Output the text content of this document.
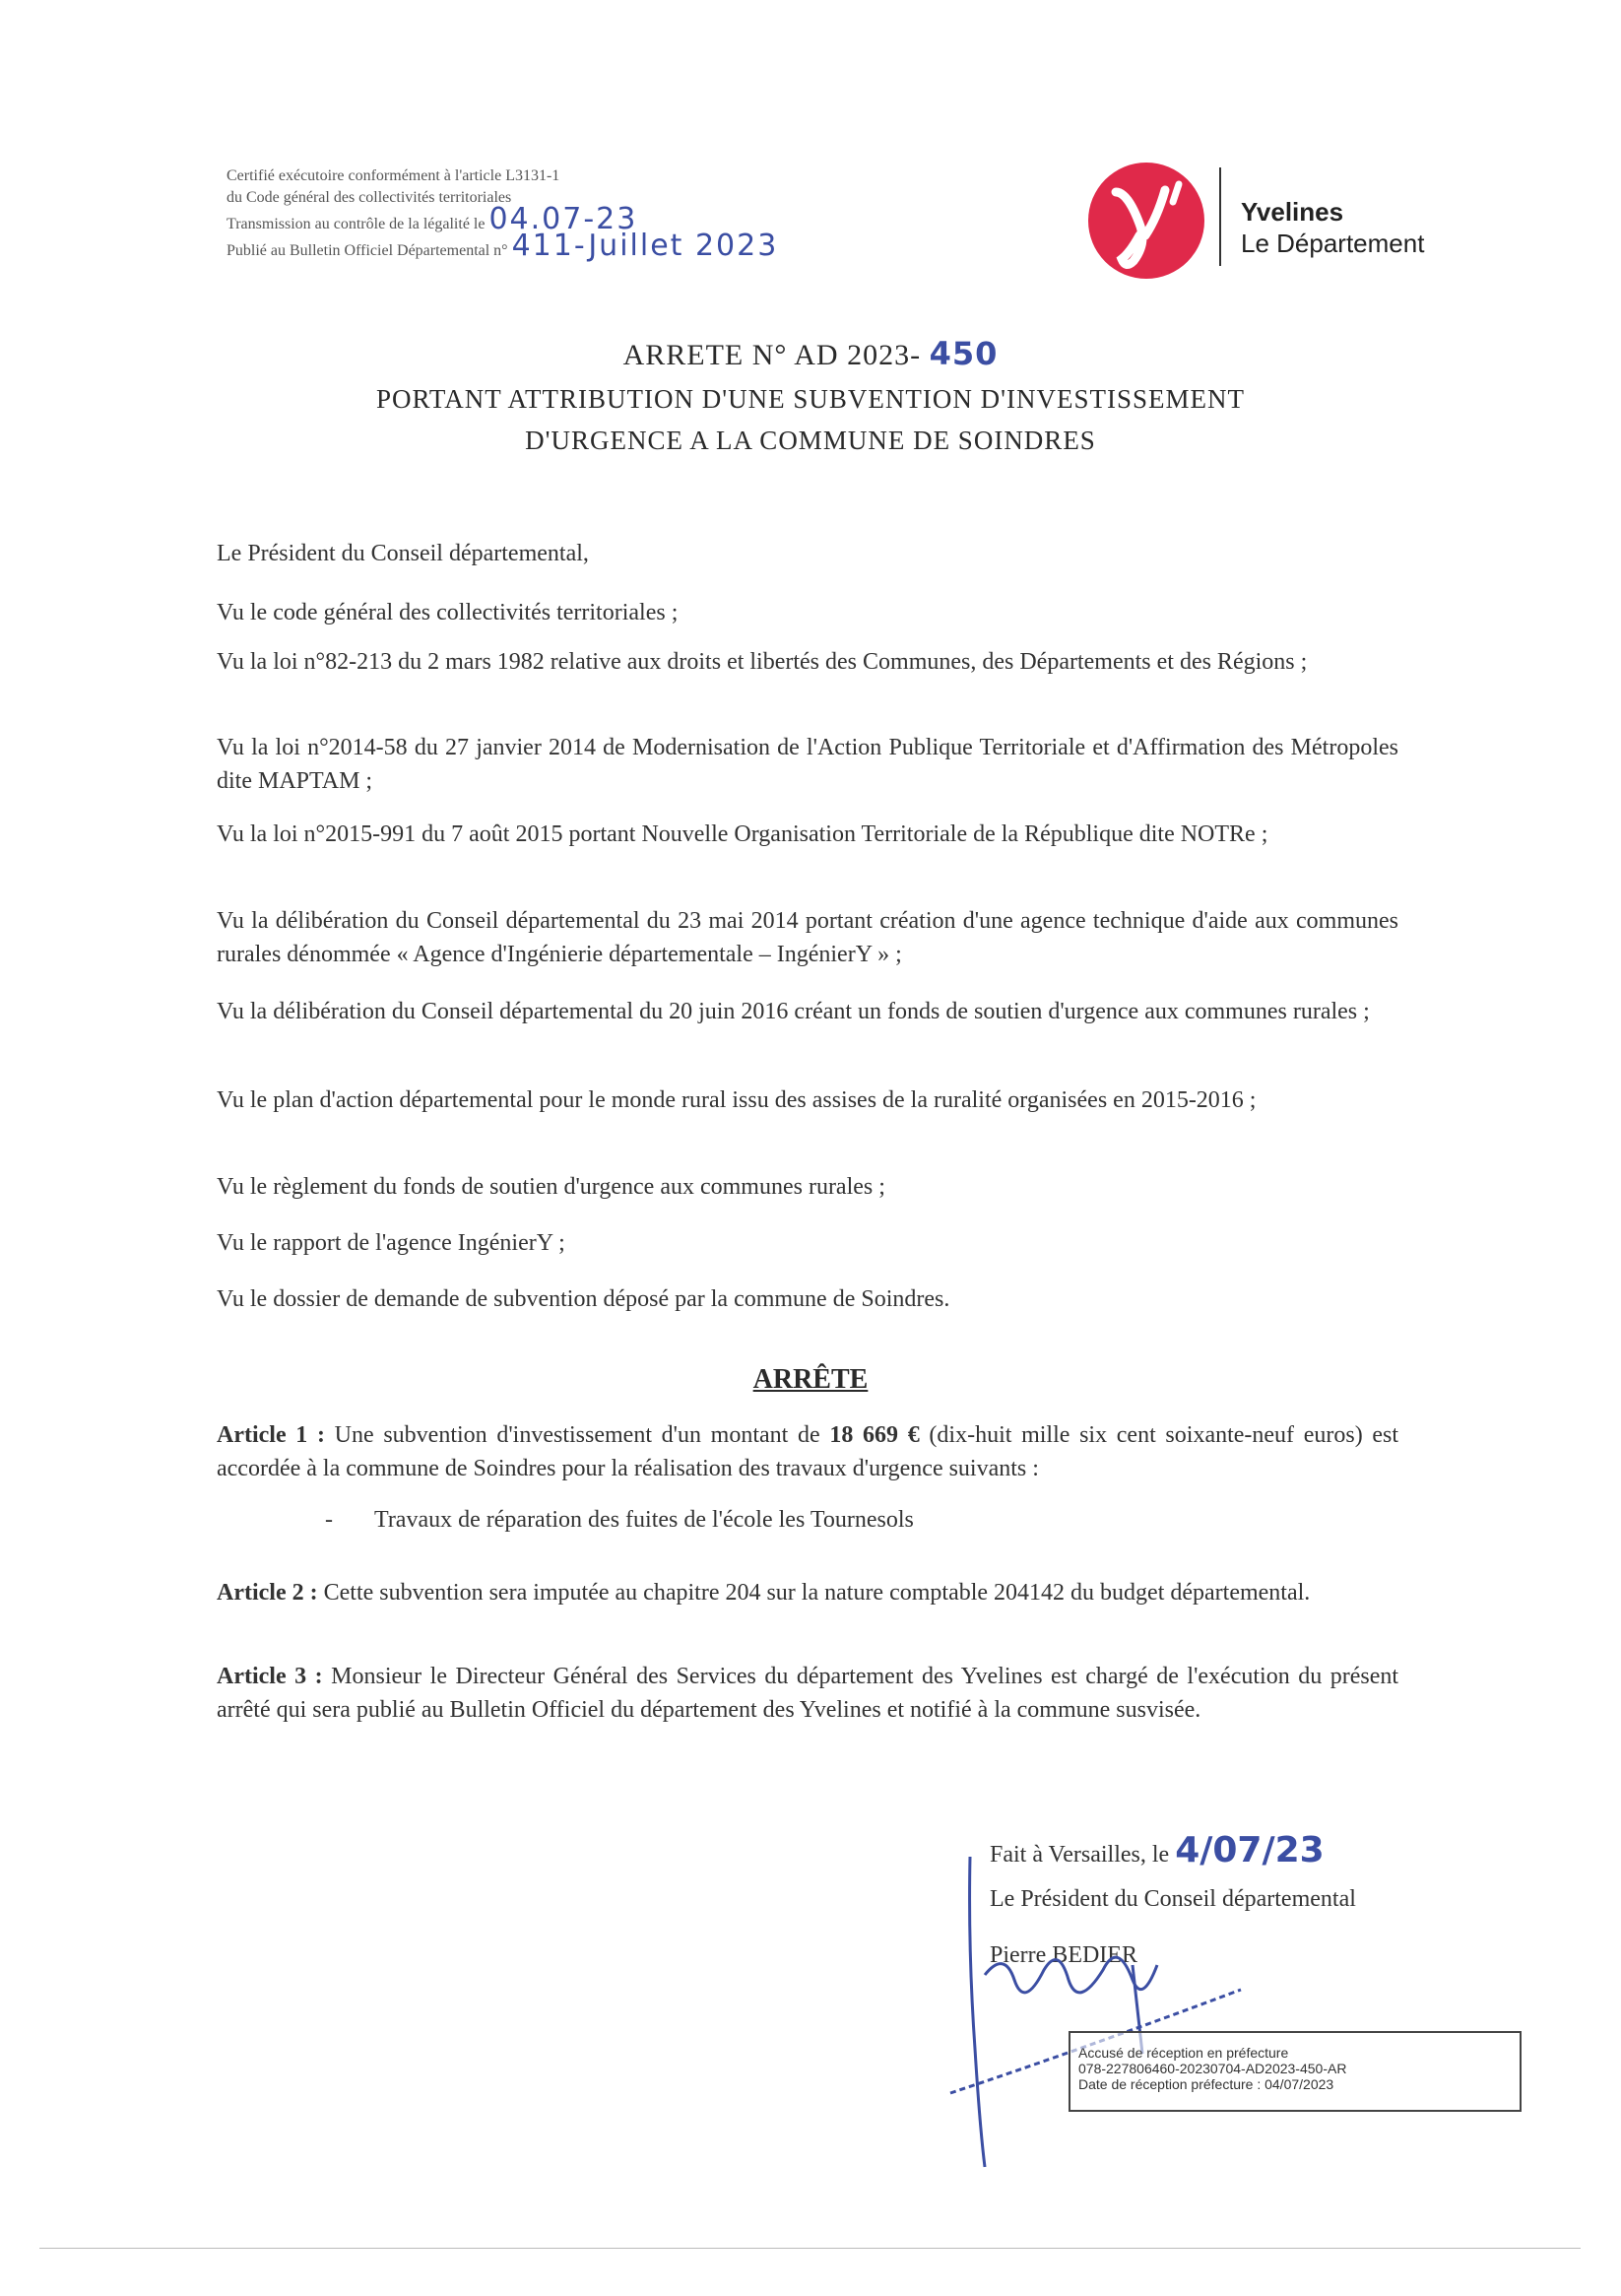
Certifié exécutoire conformément à l'article L3131-1
du Code général des collectivités territoriales
Transmission au contrôle de la légalité le 04.07-23
Publié au Bulletin Officiel Départemental n° 411-Juillet 2023
Yvelines
Le Département
ARRETE N° AD 2023- 450
PORTANT ATTRIBUTION D'UNE SUBVENTION D'INVESTISSEMENT
D'URGENCE A LA COMMUNE DE SOINDRES
Le Président du Conseil départemental,
Vu le code général des collectivités territoriales ;
Vu la loi n°82-213 du 2 mars 1982 relative aux droits et libertés des Communes, des Départements et des Régions ;
Vu la loi n°2014-58 du 27 janvier 2014 de Modernisation de l'Action Publique Territoriale et d'Affirmation des Métropoles dite MAPTAM ;
Vu la loi n°2015-991 du 7 août 2015 portant Nouvelle Organisation Territoriale de la République dite NOTRe ;
Vu la délibération du Conseil départemental du 23 mai 2014 portant création d'une agence technique d'aide aux communes rurales dénommée « Agence d'Ingénierie départementale – IngénierY » ;
Vu la délibération du Conseil départemental du 20 juin 2016 créant un fonds de soutien d'urgence aux communes rurales ;
Vu le plan d'action départemental pour le monde rural issu des assises de la ruralité organisées en 2015-2016 ;
Vu le règlement du fonds de soutien d'urgence aux communes rurales ;
Vu le rapport de l'agence IngénierY ;
Vu le dossier de demande de subvention déposé par la commune de Soindres.
ARRÊTE
Article 1 : Une subvention d'investissement d'un montant de 18 669 € (dix-huit mille six cent soixante-neuf euros) est accordée à la commune de Soindres pour la réalisation des travaux d'urgence suivants :
- Travaux de réparation des fuites de l'école les Tournesols
Article 2 : Cette subvention sera imputée au chapitre 204 sur la nature comptable 204142 du budget départemental.
Article 3 : Monsieur le Directeur Général des Services du département des Yvelines est chargé de l'exécution du présent arrêté qui sera publié au Bulletin Officiel du département des Yvelines et notifié à la commune susvisée.
Fait à Versailles, le 4/07/23
Le Président du Conseil départemental
Pierre BEDIER
Accusé de réception en préfecture
078-227806460-20230704-AD2023-450-AR
Date de réception préfecture : 04/07/2023
